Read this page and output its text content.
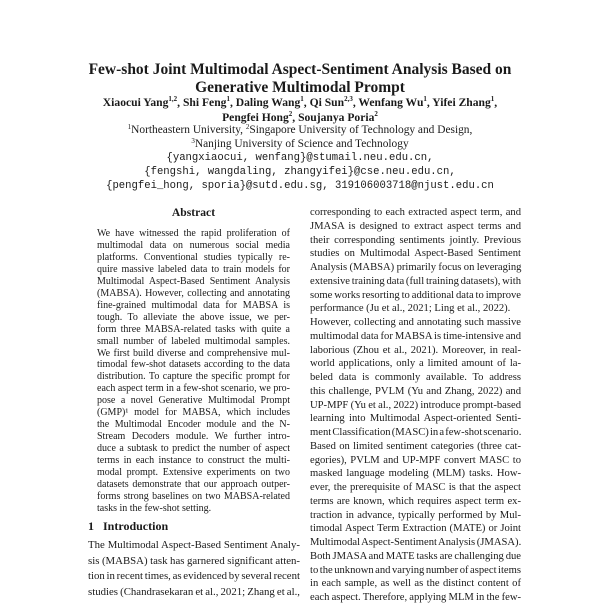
Few-shot Joint Multimodal Aspect-Sentiment Analysis Based on
Generative Multimodal Prompt
Xiaocui Yang$^{1,2}$, Shi Feng$^1$, Daling Wang$^1$, Qi Sun$^{2,3}$, Wenfang Wu$^1$, Yifei Zhang$^1$,
Pengfei Hong$^2$, Soujanya Poria$^2$
$^1$Northeastern University, $^2$Singapore University of Technology and Design,
$^3$Nanjing University of Science and Technology
{yangxiaocui, wenfang}@stumail.neu.edu.cn,
{fengshi, wangdaling, zhangyifei}@cse.neu.edu.cn,
{pengfei_hong, sporia}@sutd.edu.sg, 319106003718@njust.edu.cn
Abstract
We have witnessed the rapid proliferation of
multimodal data on numerous social media
platforms. Conventional studies typically re-
quire massive labeled data to train models for
Multimodal Aspect-Based Sentiment Analysis
(MABSA). However, collecting and annotating
fine-grained multimodal data for MABSA is
tough. To alleviate the above issue, we per-
form three MABSA-related tasks with quite a
small number of labeled multimodal samples.
We first build diverse and comprehensive mul-
timodal few-shot datasets according to the data
distribution. To capture the specific prompt for
each aspect term in a few-shot scenario, we pro-
pose a novel Generative Multimodal Prompt
(GMP)¹ model for MABSA, which includes
the Multimodal Encoder module and the N-
Stream Decoders module. We further intro-
duce a subtask to predict the number of aspect
terms in each instance to construct the multi-
modal prompt. Extensive experiments on two
datasets demonstrate that our approach outper-
forms strong baselines on two MABSA-related
tasks in the few-shot setting.
1   Introduction
The Multimodal Aspect-Based Sentiment Analy-
sis (MABSA) task has garnered significant atten-
tion in recent times, as evidenced by several recent
studies (Chandrasekaran et al., 2021; Zhang et al.,
corresponding to each extracted aspect term, and
JMASA is designed to extract aspect terms and
their corresponding sentiments jointly. Previous
studies on Multimodal Aspect-Based Sentiment
Analysis (MABSA) primarily focus on leveraging
extensive training data (full training datasets), with
some works resorting to additional data to improve
performance (Ju et al., 2021; Ling et al., 2022).
However, collecting and annotating such massive
multimodal data for MABSA is time-intensive and
laborious (Zhou et al., 2021). Moreover, in real-
world applications, only a limited amount of la-
beled data is commonly available. To address
this challenge, PVLM (Yu and Zhang, 2022) and
UP-MPF (Yu et al., 2022) introduce prompt-based
learning into Multimodal Aspect-oriented Senti-
ment Classification (MASC) in a few-shot scenario.
Based on limited sentiment categories (three cat-
egories), PVLM and UP-MPF convert MASC to
masked language modeling (MLM) tasks. How-
ever, the prerequisite of MASC is that the aspect
terms are known, which requires aspect term ex-
traction in advance, typically performed by Mul-
timodal Aspect Term Extraction (MATE) or Joint
Multimodal Aspect-Sentiment Analysis (JMASA).
Both JMASA and MATE tasks are challenging due
to the unknown and varying number of aspect items
in each sample, as well as the distinct content of
each aspect. Therefore, applying MLM in the few-
